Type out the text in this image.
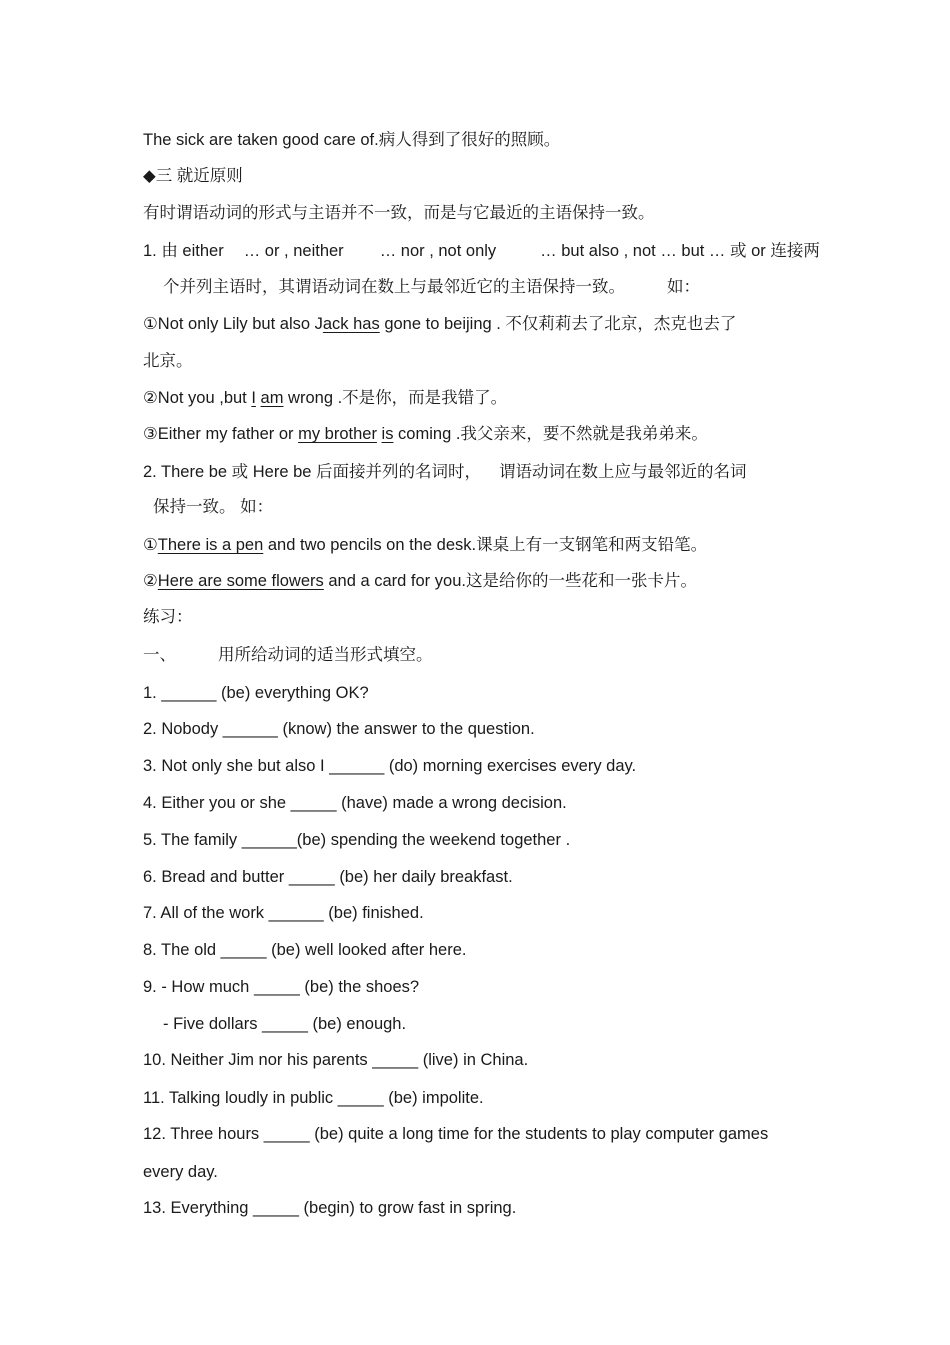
The sick are taken good care of.病人得到了很好的照顾。
◆三 就近原则
有时谓语动词的形式与主语并不一致，而是与它最近的主语保持一致。
1. 由 either … or , neither … nor , not only	… but also , not … but … 或 or 连接两
个并列主语时，其谓语动词在数上与最邻近它的主语保持一致。	如：
①Not only Lily but also Jack has gone to beijing . 不仅莉莉去了北京，杰克也去了
北京。
②Not you ,but I am wrong .不是你，而是我错了。
③Either my father or my brother is coming .我父亲来，要不然就是我弟弟来。
2. There be 或 Here be 后面接并列的名词时， 谓语动词在数上应与最邻近的名词
保持一致。 如：
①There is a pen and two pencils on the desk.课桌上有一支钢笔和两支铅笔。
②Here are some flowers and a card for you.这是给你的一些花和一张卡片。
练习：
一、	用所给动词的适当形式填空。
1. ______ (be) everything OK?
2. Nobody ______ (know) the answer to the question.
3. Not only she but also I ______ (do) morning exercises every day.
4. Either you or she _____ (have) made a wrong decision.
5. The family ______(be) spending the weekend together .
6. Bread and butter _____ (be) her daily breakfast.
7. All of the work ______ (be) finished.
8. The old _____ (be) well looked after here.
9. - How much _____ (be) the shoes?
- Five dollars _____ (be) enough.
10. Neither Jim nor his parents _____ (live) in China.
11. Talking loudly in public _____ (be) impolite.
12. Three hours _____ (be) quite a long time for the students to play computer games
every day.
13. Everything _____ (begin) to grow fast in spring.
